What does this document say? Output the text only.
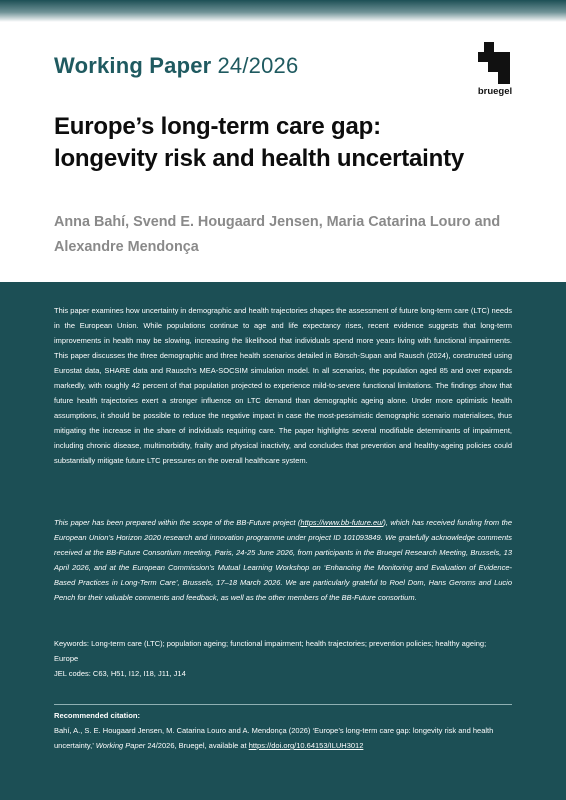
Working Paper 24/2026
bruegel
Europe’s long-term care gap:
longevity risk and health uncertainty
Anna Bahí, Svend E. Hougaard Jensen, Maria Catarina Louro and
Alexandre Mendonça
This paper examines how uncertainty in demographic and health trajectories shapes the assessment of future long-term care (LTC) needs in the European Union. While populations continue to age and life expectancy rises, recent evidence suggests that long-term improvements in health may be slowing, increasing the likelihood that individuals spend more years living with functional impairments. This paper discusses the three demographic and three health scenarios detailed in Börsch-Supan and Rausch (2024), constructed using Eurostat data, SHARE data and Rausch’s MEA-SOCSIM simulation model. In all scenarios, the population aged 85 and over expands markedly, with roughly 42 percent of that population projected to experience mild-to-severe functional limitations. The findings show that future health trajectories exert a stronger influence on LTC demand than demographic ageing alone. Under more optimistic health assumptions, it should be possible to reduce the negative impact in case the most-pessimistic demographic scenario materialises, thus mitigating the increase in the share of individuals requiring care. The paper highlights several modifiable determinants of impairment, including chronic disease, multimorbidity, frailty and physical inactivity, and concludes that prevention and healthy-ageing policies could substantially mitigate future LTC pressures on the overall healthcare system.
This paper has been prepared within the scope of the BB-Future project (https://www.bb-future.eu/), which has received funding from the European Union’s Horizon 2020 research and innovation programme under project ID 101093849. We gratefully acknowledge comments received at the BB-Future Consortium meeting, Paris, 24-25 June 2026, from participants in the Bruegel Research Meeting, Brussels, 13 April 2026, and at the European Commission’s Mutual Learning Workshop on ‘Enhancing the Monitoring and Evaluation of Evidence-Based Practices in Long-Term Care’, Brussels, 17–18 March 2026. We are particularly grateful to Roel Dom, Hans Geroms and Lucio Pench for their valuable comments and feedback, as well as the other members of the BB-Future consortium.
Keywords: Long-term care (LTC); population ageing; functional impairment; health trajectories; prevention policies; healthy ageing; Europe
JEL codes: C63, H51, I12, I18, J11, J14
Recommended citation:
Bahí, A., S. E. Hougaard Jensen, M. Catarina Louro and A. Mendonça (2026) ‘Europe’s long-term care gap: longevity risk and health uncertainty,’ Working Paper 24/2026, Bruegel, available at https://doi.org/10.64153/ILUH3012
